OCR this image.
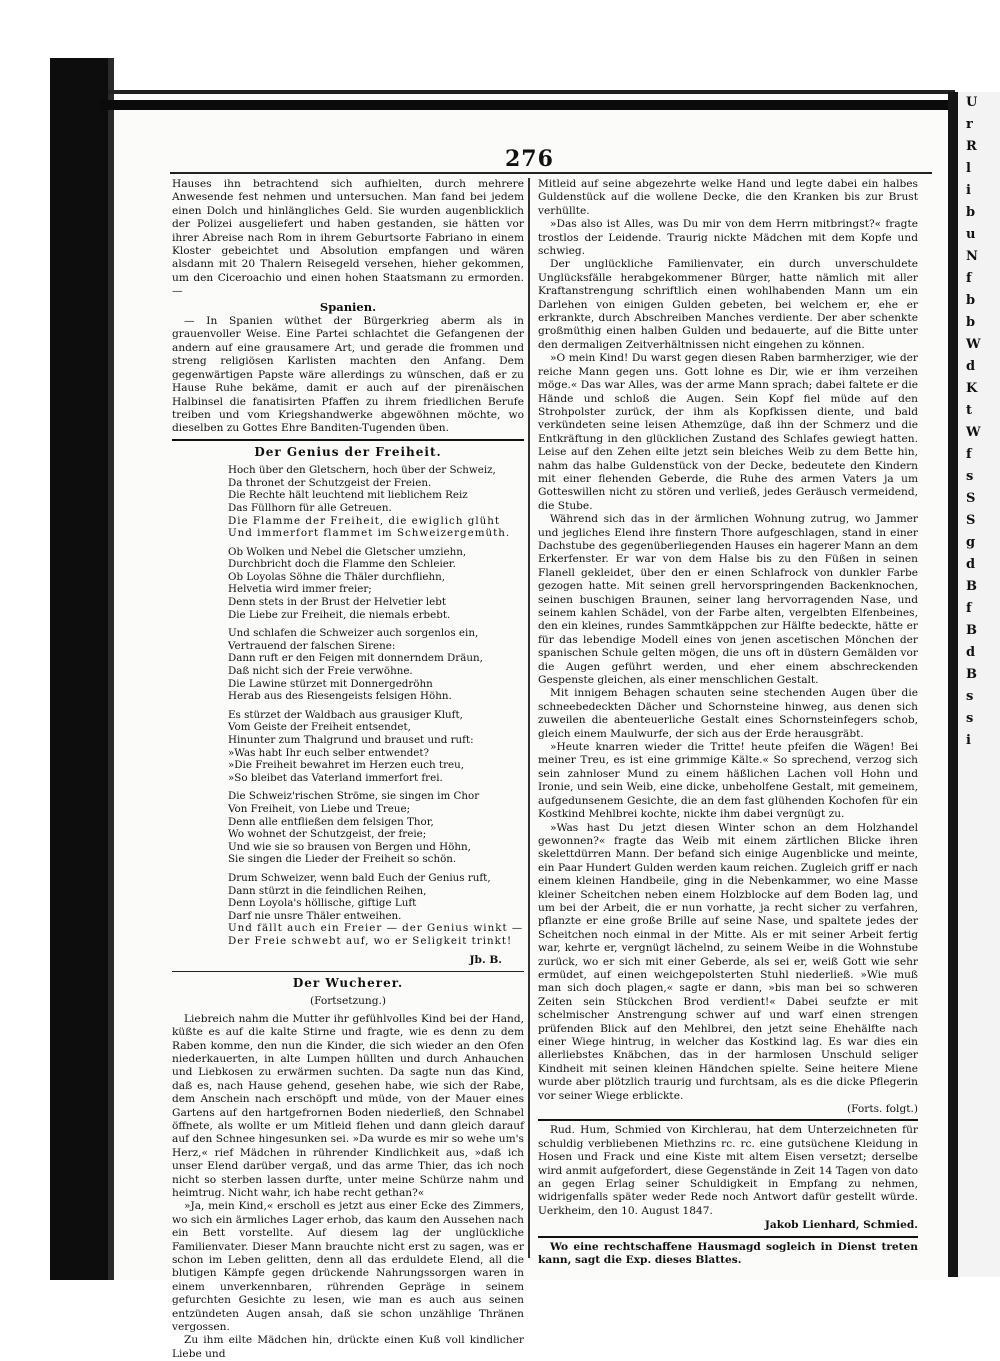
U
r
R
l
i
b
u
N
f
b
b
W
d
K
t
W
f
s
S
S
g
d
B
f
B
d
B
s
s
i
276

Hauses ihn betrachtend sich aufhielten, durch mehrere Anwesende fest nehmen und untersuchen. Man fand bei jedem einen Dolch und hinlängliches Geld. Sie wurden augenblicklich der Polizei ausgeliefert und haben gestanden, sie hätten vor ihrer Abreise nach Rom in ihrem Geburtsorte Fabriano in einem Kloster gebeichtet und Absolution empfangen und wären alsdann mit 20 Thalern Reisegeld versehen, hieher gekommen, um den Ciceroachio und einen hohen Staatsmann zu ermorden. —

Spanien.

— In Spanien wüthet der Bürgerkrieg aberm als in grauenvoller Weise. Eine Partei schlachtet die Gefangenen der andern auf eine grausamere Art, und gerade die frommen und streng religiösen Karlisten machten den Anfang. Dem gegenwärtigen Papste wäre allerdings zu wünschen, daß er zu Hause Ruhe bekäme, damit er auch auf der pirenäischen Halbinsel die fanatisirten Pfaffen zu ihrem friedlichen Berufe treiben und vom Kriegshandwerke abgewöhnen möchte, wo dieselben zu Gottes Ehre Banditen-Tugenden üben.

Der Genius der Freiheit.
Hoch über den Gletschern, hoch über der Schweiz,
Da thronet der Schutzgeist der Freien.
Die Rechte hält leuchtend mit lieblichem Reiz
Das Füllhorn für alle Getreuen.
Die Flamme der Freiheit, die ewiglich glüht
Und immerfort flammet im Schweizergemüth.
Ob Wolken und Nebel die Gletscher umziehn,
Durchbricht doch die Flamme den Schleier.
Ob Loyolas Söhne die Thäler durchfliehn,
Helvetia wird immer freier;
Denn stets in der Brust der Helvetier lebt
Die Liebe zur Freiheit, die niemals erbebt.
Und schlafen die Schweizer auch sorgenlos ein,
Vertrauend der falschen Sirene:
Dann ruft er den Feigen mit donnerndem Dräun,
Daß nicht sich der Freie verwöhne.
Die Lawine stürzet mit Donnergedröhn
Herab aus des Riesengeists felsigen Höhn.
Es stürzet der Waldbach aus grausiger Kluft,
Vom Geiste der Freiheit entsendet,
Hinunter zum Thalgrund und brauset und ruft:
»Was habt Ihr euch selber entwendet?
»Die Freiheit bewahret im Herzen euch treu,
»So bleibet das Vaterland immerfort frei.
Die Schweiz'rischen Ströme, sie singen im Chor
Von Freiheit, von Liebe und Treue;
Denn alle entfließen dem felsigen Thor,
Wo wohnet der Schutzgeist, der freie;
Und wie sie so brausen von Bergen und Höhn,
Sie singen die Lieder der Freiheit so schön.
Drum Schweizer, wenn bald Euch der Genius ruft,
Dann stürzt in die feindlichen Reihen,
Denn Loyola's höllische, giftige Luft
Darf nie unsre Thäler entweihen.
Und fällt auch ein Freier — der Genius winkt —
Der Freie schwebt auf, wo er Seligkeit trinkt!
Jb. B.
Der Wucherer.
(Fortsetzung.)

Liebreich nahm die Mutter ihr gefühlvolles Kind bei der Hand, küßte es auf die kalte Stirne und fragte, wie es denn zu dem Raben komme, den nun die Kinder, die sich wieder an den Ofen niederkauerten, in alte Lumpen hüllten und durch Anhauchen und Liebkosen zu erwärmen suchten. Da sagte nun das Kind, daß es, nach Hause gehend, gesehen habe, wie sich der Rabe, dem Anschein nach erschöpft und müde, von der Mauer eines Gartens auf den hartgefrornen Boden niederließ, den Schnabel öffnete, als wollte er um Mitleid flehen und dann gleich darauf auf den Schnee hingesunken sei. »Da wurde es mir so wehe um's Herz,« rief Mädchen in rührender Kindlichkeit aus, »daß ich unser Elend darüber vergaß, und das arme Thier, das ich noch nicht so sterben lassen durfte, unter meine Schürze nahm und heimtrug. Nicht wahr, ich habe recht gethan?«

»Ja, mein Kind,« erscholl es jetzt aus einer Ecke des Zimmers, wo sich ein ärmliches Lager erhob, das kaum den Aussehen nach ein Bett vorstellte. Auf diesem lag der unglückliche Familienvater. Dieser Mann brauchte nicht erst zu sagen, was er schon im Leben gelitten, denn all das erduldete Elend, all die blutigen Kämpfe gegen drückende Nahrungssorgen waren in einem unverkennbaren, rührenden Gepräge in seinem gefurchten Gesichte zu lesen, wie man es auch aus seinen entzündeten Augen ansah, daß sie schon unzählige Thränen vergossen.

Zu ihm eilte Mädchen hin, drückte einen Kuß voll kindlicher Liebe und

Mitleid auf seine abgezehrte welke Hand und legte dabei ein halbes Guldenstück auf die wollene Decke, die den Kranken bis zur Brust verhüllte.

»Das also ist Alles, was Du mir von dem Herrn mitbringst?« fragte trostlos der Leidende. Traurig nickte Mädchen mit dem Kopfe und schwieg.

Der unglückliche Familienvater, ein durch unverschuldete Unglücksfälle herabgekommener Bürger, hatte nämlich mit aller Kraftanstrengung schriftlich einen wohlhabenden Mann um ein Darlehen von einigen Gulden gebeten, bei welchem er, ehe er erkrankte, durch Abschreiben Manches verdiente. Der aber schenkte großmüthig einen halben Gulden und bedauerte, auf die Bitte unter den dermaligen Zeitverhältnissen nicht eingehen zu können.

»O mein Kind! Du warst gegen diesen Raben barmherziger, wie der reiche Mann gegen uns. Gott lohne es Dir, wie er ihm verzeihen möge.« Das war Alles, was der arme Mann sprach; dabei faltete er die Hände und schloß die Augen. Sein Kopf fiel müde auf den Strohpolster zurück, der ihm als Kopfkissen diente, und bald verkündeten seine leisen Athemzüge, daß ihn der Schmerz und die Entkräftung in den glücklichen Zustand des Schlafes gewiegt hatten. Leise auf den Zehen eilte jetzt sein bleiches Weib zu dem Bette hin, nahm das halbe Guldenstück von der Decke, bedeutete den Kindern mit einer flehenden Geberde, die Ruhe des armen Vaters ja um Gotteswillen nicht zu stören und verließ, jedes Geräusch vermeidend, die Stube.

Während sich das in der ärmlichen Wohnung zutrug, wo Jammer und jegliches Elend ihre finstern Thore aufgeschlagen, stand in einer Dachstube des gegenüberliegenden Hauses ein hagerer Mann an dem Erkerfenster. Er war von dem Halse bis zu den Füßen in seinen Flanell gekleidet, über den er einen Schlafrock von dunkler Farbe gezogen hatte. Mit seinen grell hervorspringenden Backenknochen, seinen buschigen Braunen, seiner lang hervorragenden Nase, und seinem kahlen Schädel, von der Farbe alten, vergelbten Elfenbeines, den ein kleines, rundes Sammtkäppchen zur Hälfte bedeckte, hätte er für das lebendige Modell eines von jenen ascetischen Mönchen der spanischen Schule gelten mögen, die uns oft in düstern Gemälden vor die Augen geführt werden, und eher einem abschreckenden Gespenste gleichen, als einer menschlichen Gestalt.

Mit innigem Behagen schauten seine stechenden Augen über die schneebedeckten Dächer und Schornsteine hinweg, aus denen sich zuweilen die abenteuerliche Gestalt eines Schornsteinfegers schob, gleich einem Maulwurfe, der sich aus der Erde herausgräbt.

»Heute knarren wieder die Tritte! heute pfeifen die Wägen! Bei meiner Treu, es ist eine grimmige Kälte.« So sprechend, verzog sich sein zahnloser Mund zu einem häßlichen Lachen voll Hohn und Ironie, und sein Weib, eine dicke, unbeholfene Gestalt, mit gemeinem, aufgedunsenem Gesichte, die an dem fast glühenden Kochofen für ein Kostkind Mehlbrei kochte, nickte ihm dabei vergnügt zu.

»Was hast Du jetzt diesen Winter schon an dem Holzhandel gewonnen?« fragte das Weib mit einem zärtlichen Blicke ihren skelettdürren Mann. Der befand sich einige Augenblicke und meinte, ein Paar Hundert Gulden werden kaum reichen. Zugleich griff er nach einem kleinen Handbeile, ging in die Nebenkammer, wo eine Masse kleiner Scheitchen neben einem Holzblocke auf dem Boden lag, und um bei der Arbeit, die er nun vorhatte, ja recht sicher zu verfahren, pflanzte er eine große Brille auf seine Nase, und spaltete jedes der Scheitchen noch einmal in der Mitte. Als er mit seiner Arbeit fertig war, kehrte er, vergnügt lächelnd, zu seinem Weibe in die Wohnstube zurück, wo er sich mit einer Geberde, als sei er, weiß Gott wie sehr ermüdet, auf einen weichgepolsterten Stuhl niederließ. »Wie muß man sich doch plagen,« sagte er dann, »bis man bei so schweren Zeiten sein Stückchen Brod verdient!« Dabei seufzte er mit schelmischer Anstrengung schwer auf und warf einen strengen prüfenden Blick auf den Mehlbrei, den jetzt seine Ehehälfte nach einer Wiege hintrug, in welcher das Kostkind lag. Es war dies ein allerliebstes Knäbchen, das in der harmlosen Unschuld seliger Kindheit mit seinen kleinen Händchen spielte. Seine heitere Miene wurde aber plötzlich traurig und furchtsam, als es die dicke Pflegerin vor seiner Wiege erblickte.

(Forts. folgt.)

Rud. Hum, Schmied von Kirchlerau, hat dem Unterzeichneten für schuldig verbliebenen Miethzins rc. rc. eine gutsüchene Kleidung in Hosen und Frack und eine Kiste mit altem Eisen versetzt; derselbe wird anmit aufgefordert, diese Gegenstände in Zeit 14 Tagen von dato an gegen Erlag seiner Schuldigkeit in Empfang zu nehmen, widrigenfalls später weder Rede noch Antwort dafür gestellt würde. Uerkheim, den 10. August 1847.

Jakob Lienhard, Schmied.

Wo eine rechtschaffene Hausmagd sogleich in Dienst treten kann, sagt die Exp. dieses Blattes.
